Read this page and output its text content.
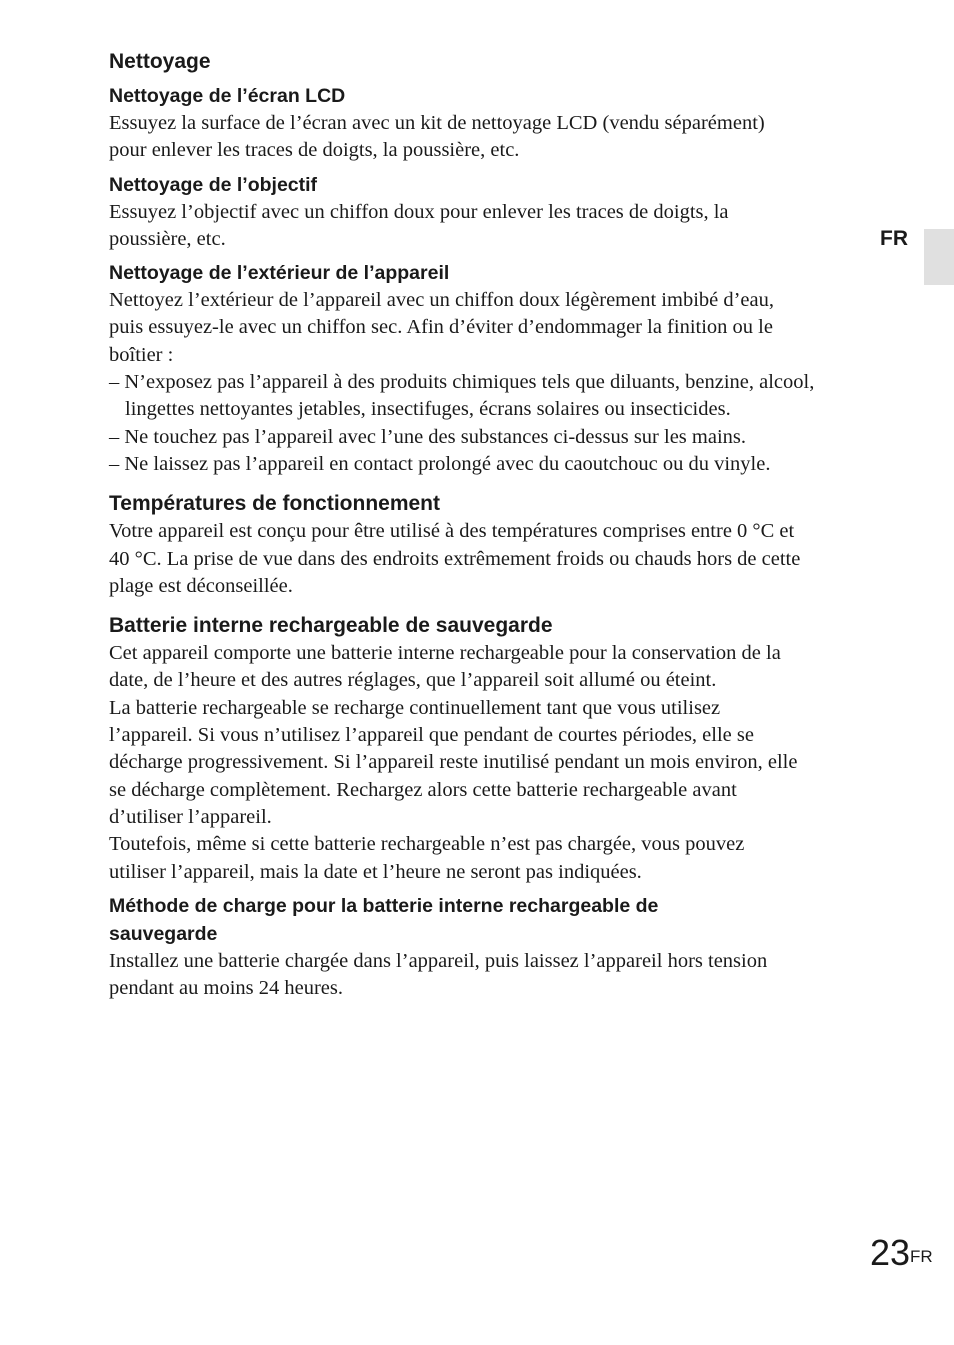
FR
Nettoyage
Nettoyage de l’écran LCD
Essuyez la surface de l’écran avec un kit de nettoyage LCD (vendu séparément)
pour enlever les traces de doigts, la poussière, etc.
Nettoyage de l’objectif
Essuyez l’objectif avec un chiffon doux pour enlever les traces de doigts, la
poussière, etc.
Nettoyage de l’extérieur de l’appareil
Nettoyez l’extérieur de l’appareil avec un chiffon doux légèrement imbibé d’eau,
puis essuyez-le avec un chiffon sec. Afin d’éviter d’endommager la finition ou le
boîtier :
– N’exposez pas l’appareil à des produits chimiques tels que diluants, benzine, alcool, lingettes nettoyantes jetables, insectifuges, écrans solaires ou insecticides.
– Ne touchez pas l’appareil avec l’une des substances ci-dessus sur les mains.
– Ne laissez pas l’appareil en contact prolongé avec du caoutchouc ou du vinyle.
Températures de fonctionnement
Votre appareil est conçu pour être utilisé à des températures comprises entre 0 °C et
40 °C. La prise de vue dans des endroits extrêmement froids ou chauds hors de cette
plage est déconseillée.
Batterie interne rechargeable de sauvegarde
Cet appareil comporte une batterie interne rechargeable pour la conservation de la
date, de l’heure et des autres réglages, que l’appareil soit allumé ou éteint.
La batterie rechargeable se recharge continuellement tant que vous utilisez
l’appareil. Si vous n’utilisez l’appareil que pendant de courtes périodes, elle se
décharge progressivement. Si l’appareil reste inutilisé pendant un mois environ, elle
se décharge complètement. Rechargez alors cette batterie rechargeable avant
d’utiliser l’appareil.
Toutefois, même si cette batterie rechargeable n’est pas chargée, vous pouvez
utiliser l’appareil, mais la date et l’heure ne seront pas indiquées.
Méthode de charge pour la batterie interne rechargeable de
sauvegarde
Installez une batterie chargée dans l’appareil, puis laissez l’appareil hors tension
pendant au moins 24 heures.
23FR
